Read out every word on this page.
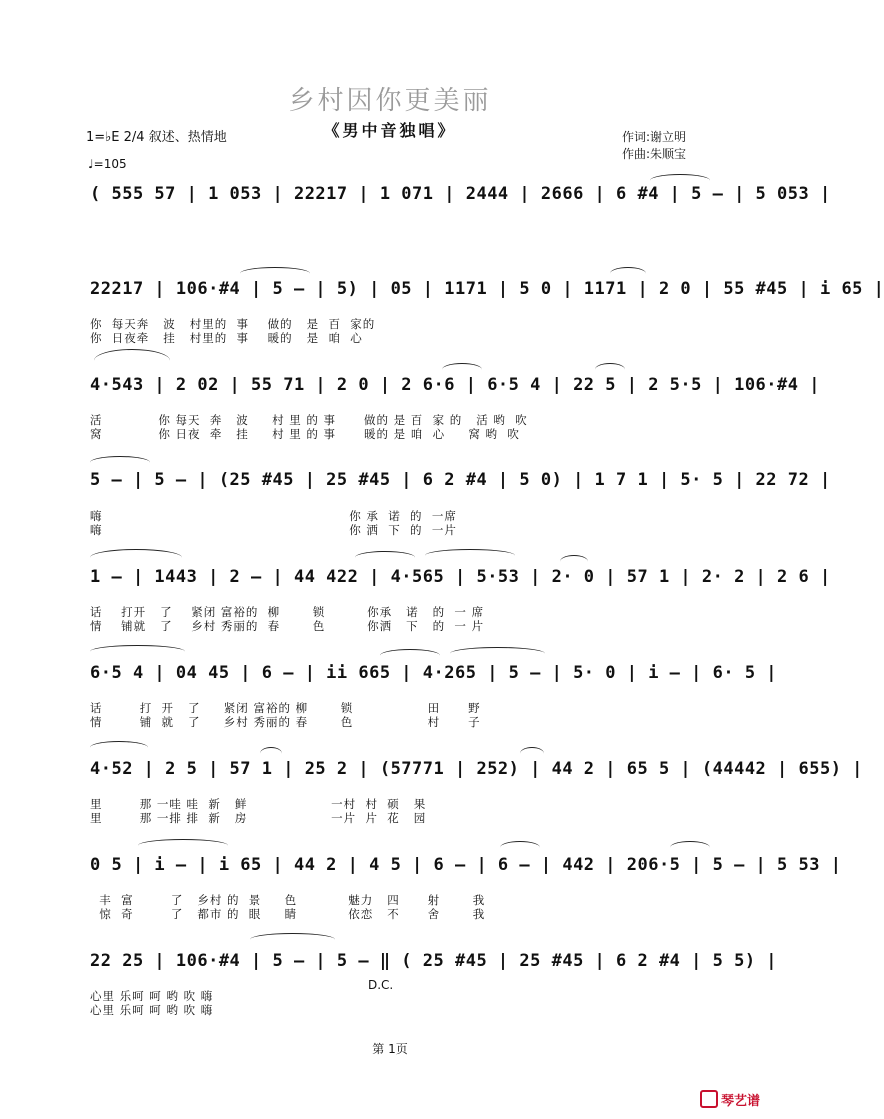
乡村因你更美丽
《男中音独唱》
1=♭E 2/4 叙述、热情地	作词:谢立明
作曲:朱顺宝
♩=105
( 555 57 | 1 053 | 22217 | 1 071 | 2444 | 2666 | 6 #4 | 5 – | 5 053 |
22217 | 106·#4 | 5 – | 5) | 05 | 1171 | 5 0 | 1171 | 2 0 | 55 #45 | i 65 |
你  每天奔   波   村里的  事    做的   是  百  家的
你  日夜牵   挂   村里的  事    暖的   是  咱  心
4·543 | 2 02 | 55 71 | 2 0 | 2 6·6 | 6·5 4 | 22 5 | 2 5·5 | 106·#4 |
活            你 每天  奔   波     村 里 的 事      做的 是 百  家 的   活 哟  吹
窝            你 日夜  牵   挂     村 里 的 事      暖的 是 咱  心     窝 哟  吹
5 – | 5 – | (25 #45 | 25 #45 | 6 2 #4 | 5 0) | 1 7 1 | 5· 5 | 22 72 |
嗨                                                     你 承  诺  的  一席
嗨                                                     你 洒  下  的  一片
1 – | 1443 | 2 – | 44 422 | 4·565 | 5·53 | 2· 0 | 57 1 | 2· 2 | 2 6 |
话    打开   了    紧闭 富裕的  柳       锁         你承   诺   的  一 席
情    铺就   了    乡村 秀丽的  春       色         你洒   下   的  一 片
6·5 4 | 04 45 | 6 – | ii 665 | 4·265 | 5 – | 5· 0 | i – | 6· 5 |
话        打  开   了     紧闭 富裕的 柳       锁                田      野
情        铺  就   了     乡村 秀丽的 春       色                村      子
4·52 | 2 5 | 57 1 | 25 2 | (57771 | 252) | 44 2 | 65 5 | (44442 | 655) |
里        那 一哇 哇  新   鲜                  一村  村  硕   果
里        那 一排 排  新   房                  一片  片  花   园
0 5 | i – | i 65 | 44 2 | 4 5 | 6 – | 6 – | 442 | 206·5 | 5 – | 5 53 |
丰  富        了   乡村 的  景     色           魅力   四      射       我
惊  奇        了   都市 的  眼     睛           依恋   不      舍       我
22 25 | 106·#4 | 5 – | 5 – ‖ ( 25 #45 | 25 #45 | 6 2 #4 | 5 5) |
D.C.
心里 乐呵 呵 哟 吹 嗨
心里 乐呵 呵 哟 吹 嗨
第 1页
琴艺谱
